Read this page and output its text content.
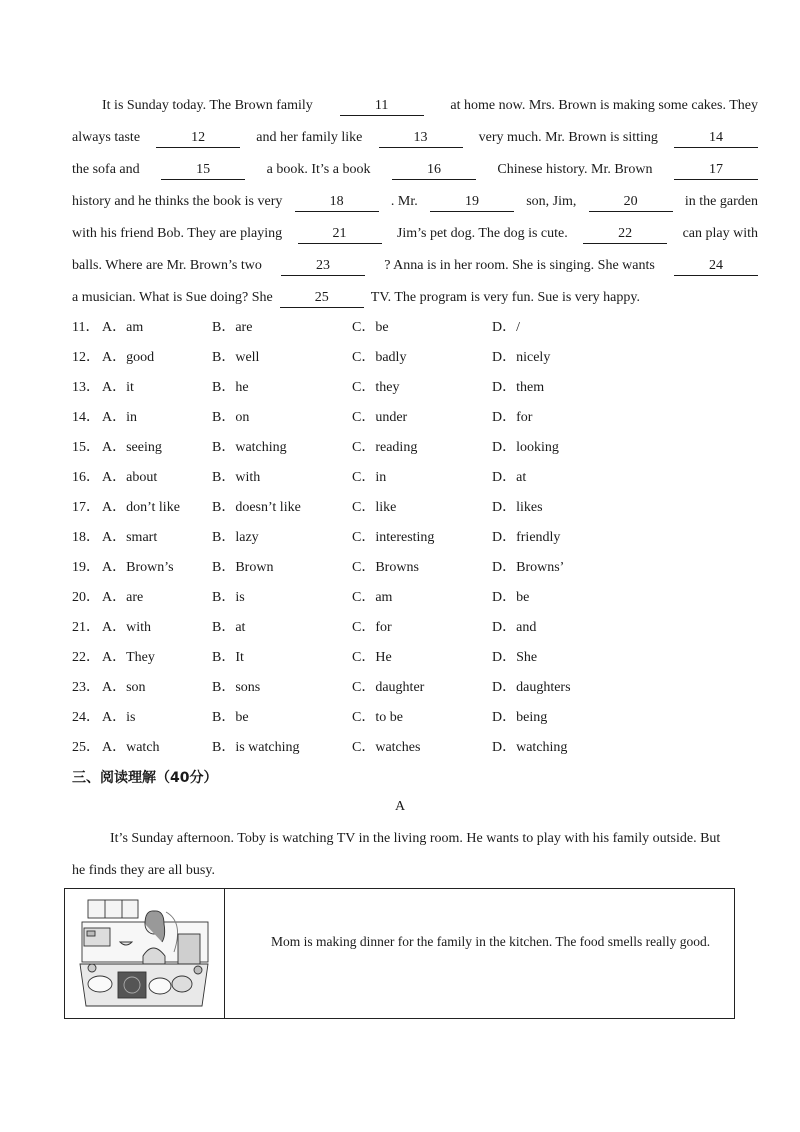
It is Sunday today. The Brown family	11	at home now. Mrs. Brown is making some cakes. They
always taste	12	and her family like	13	very much. Mr. Brown is sitting	14
the sofa and	15	a book. It’s a book	16	Chinese history. Mr. Brown	17
history and he thinks the book is very	18	. Mr.	19	son, Jim,	20	in the garden
with his friend Bob. They are playing	21	Jim’s pet dog. The dog is cute.	22	can play with
balls. Where are Mr. Brown’s two	23	? Anna is in her room. She is singing. She wants	24
a musician. What is Sue doing? She	25	TV. The program is very fun. Sue is very happy.
11． A．am	B．are	C．be	D．/
12． A．good	B．well	C．badly	D．nicely
13． A．it	B．he	C．they	D．them
14． A．in	B．on	C．under	D．for
15． A．seeing	B．watching	C．reading	D．looking
16． A．about	B．with	C．in	D．at
17． A．don’t like B．doesn’t like	C．like	D．likes
18． A．smart	B．lazy	C．interesting	D．friendly
19． A．Brown’s	B．Brown	C．Browns	D．Browns’
20． A．are	B．is	C．am	D．be
21． A．with	B．at	C．for	D．and
22． A．They	B．It	C．He	D．She
23． A．son	B．sons	C．daughter	D．daughters
24． A．is	B．be	C．to be	D．being
25． A．watch	B．is watching	C．watches	D．watching
三、阅读理解（40分）
A
It’s Sunday afternoon. Toby is watching TV in the living room. He wants to play with his family outside. But
he finds they are all busy.
Mom is making dinner for the family in the kitchen. The food smells really good.
